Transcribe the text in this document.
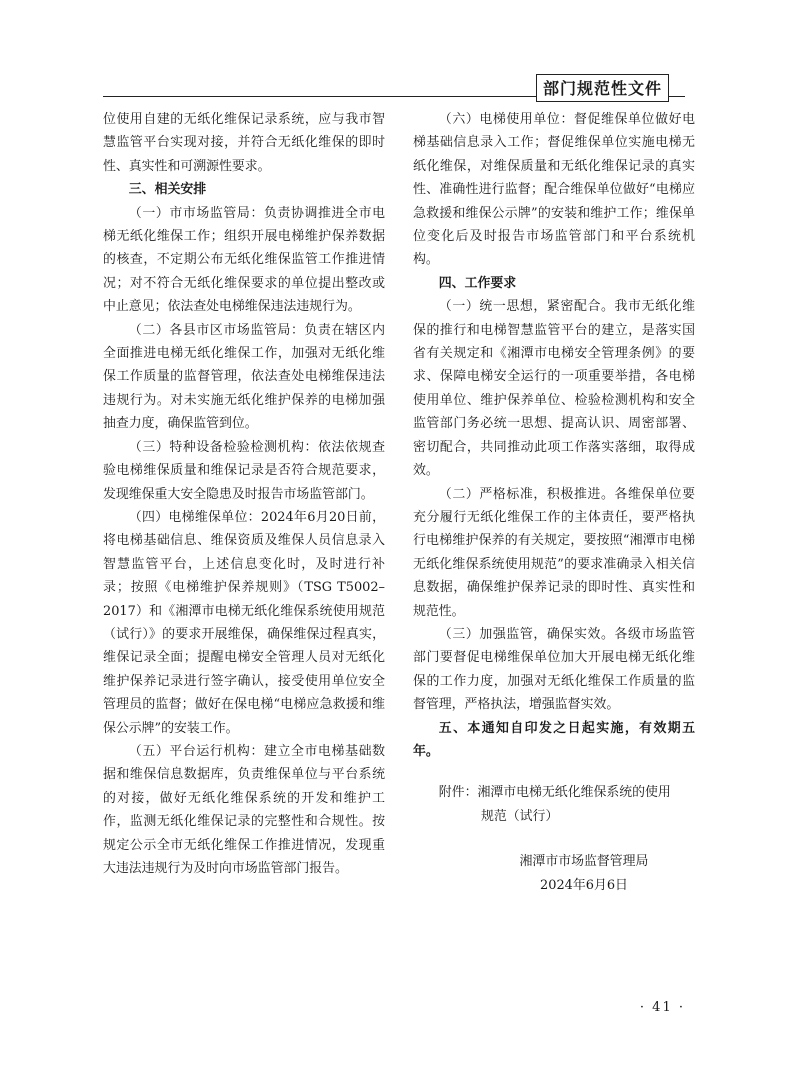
部门规范性文件

位使用自建的无纸化维保记录系统，应与我市智慧监管平台实现对接，并符合无纸化维保的即时性、真实性和可溯源性要求。

三、相关安排

（一）市市场监管局：负责协调推进全市电梯无纸化维保工作；组织开展电梯维护保养数据的核查，不定期公布无纸化维保监管工作推进情况；对不符合无纸化维保要求的单位提出整改或中止意见；依法查处电梯维保违法违规行为。

（二）各县市区市场监管局：负责在辖区内全面推进电梯无纸化维保工作，加强对无纸化维保工作质量的监督管理，依法查处电梯维保违法违规行为。对未实施无纸化维护保养的电梯加强抽查力度，确保监管到位。

（三）特种设备检验检测机构：依法依规查验电梯维保质量和维保记录是否符合规范要求，发现维保重大安全隐患及时报告市场监管部门。

（四）电梯维保单位：2024年6月20日前，将电梯基础信息、维保资质及维保人员信息录入智慧监管平台，上述信息变化时，及时进行补录；按照《电梯维护保养规则》（TSG T5002–2017）和《湘潭市电梯无纸化维保系统使用规范（试行）》的要求开展维保，确保维保过程真实，维保记录全面；提醒电梯安全管理人员对无纸化维护保养记录进行签字确认，接受使用单位安全管理员的监督；做好在保电梯“电梯应急救援和维保公示牌”的安装工作。

（五）平台运行机构：建立全市电梯基础数据和维保信息数据库，负责维保单位与平台系统的对接，做好无纸化维保系统的开发和维护工作，监测无纸化维保记录的完整性和合规性。按规定公示全市无纸化维保工作推进情况，发现重大违法违规行为及时向市场监管部门报告。

（六）电梯使用单位：督促维保单位做好电梯基础信息录入工作；督促维保单位实施电梯无纸化维保，对维保质量和无纸化维保记录的真实性、准确性进行监督；配合维保单位做好“电梯应急救援和维保公示牌”的安装和维护工作；维保单位变化后及时报告市场监管部门和平台系统机构。

四、工作要求

（一）统一思想，紧密配合。我市无纸化维保的推行和电梯智慧监管平台的建立，是落实国省有关规定和《湘潭市电梯安全管理条例》的要求、保障电梯安全运行的一项重要举措，各电梯使用单位、维护保养单位、检验检测机构和安全监管部门务必统一思想、提高认识、周密部署、密切配合，共同推动此项工作落实落细，取得成效。

（二）严格标准，积极推进。各维保单位要充分履行无纸化维保工作的主体责任，要严格执行电梯维护保养的有关规定，要按照“湘潭市电梯无纸化维保系统使用规范”的要求准确录入相关信息数据，确保维护保养记录的即时性、真实性和规范性。

（三）加强监管，确保实效。各级市场监管部门要督促电梯维保单位加大开展电梯无纸化维保的工作力度，加强对无纸化维保工作质量的监督管理，严格执法，增强监督实效。

五、本通知自印发之日起实施，有效期五年。

附件：湘潭市电梯无纸化维保系统的使用

规范（试行）

湘潭市市场监督管理局
2024年6月6日
· 41 ·
